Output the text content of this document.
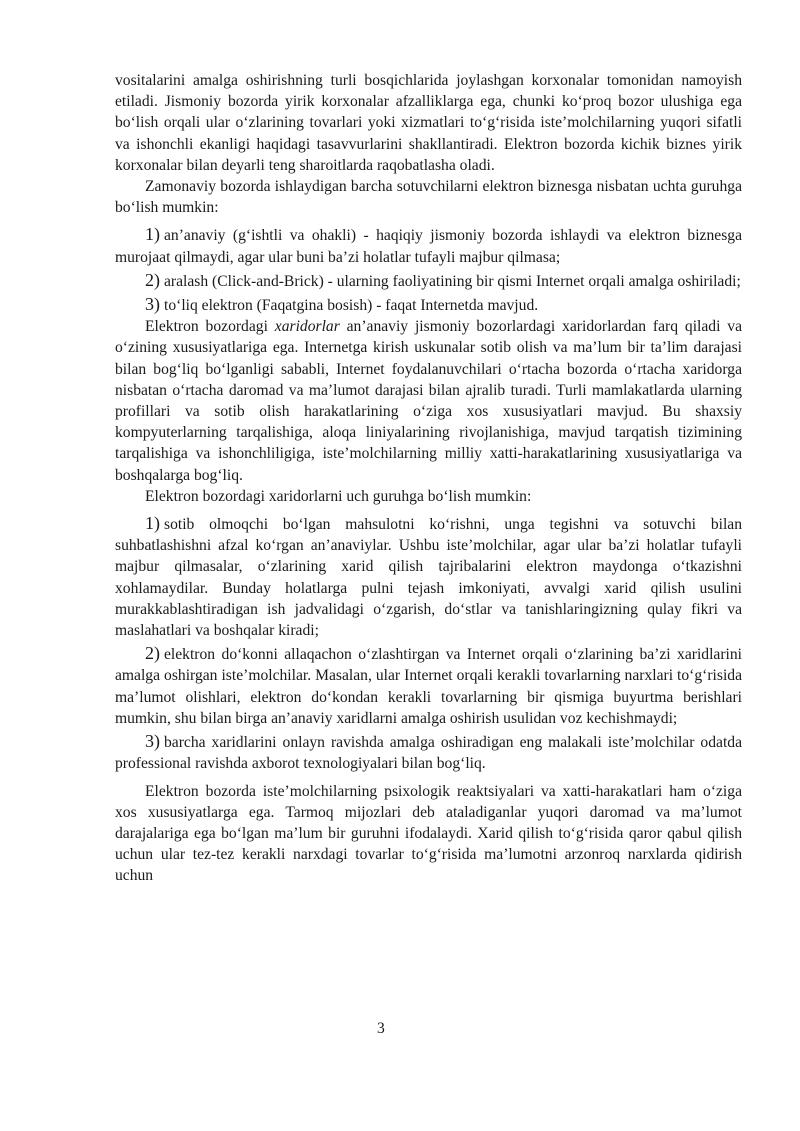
vositalarini amalga oshirishning turli bosqichlarida joylashgan korxonalar tomonidan namoyish etiladi. Jismoniy bozorda yirik korxonalar afzalliklarga ega, chunki ko‘proq bozor ulushiga ega bo‘lish orqali ular o‘zlarining tovarlari yoki xizmatlari to‘g‘risida iste’molchilarning yuqori sifatli va ishonchli ekanligi haqidagi tasavvurlarini shakllantiradi. Elektron bozorda kichik biznes yirik korxonalar bilan deyarli teng sharoitlarda raqobatlasha oladi.

Zamonaviy bozorda ishlaydigan barcha sotuvchilarni elektron biznesga nisbatan uchta guruhga bo‘lish mumkin:

1) an’anaviy (g‘ishtli va ohakli) - haqiqiy jismoniy bozorda ishlaydi va elektron biznesga murojaat qilmaydi, agar ular buni ba’zi holatlar tufayli majbur qilmasa;

2) aralash (Click-and-Brick) - ularning faoliyatining bir qismi Internet orqali amalga oshiriladi;

3) to‘liq elektron (Faqatgina bosish) - faqat Internetda mavjud.

Elektron bozordagi xaridorlar an’anaviy jismoniy bozorlardagi xaridorlardan farq qiladi va o‘zining xususiyatlariga ega. Internetga kirish uskunalar sotib olish va ma’lum bir ta’lim darajasi bilan bog‘liq bo‘lganligi sababli, Internet foydalanuvchilari o‘rtacha bozorda o‘rtacha xaridorga nisbatan o‘rtacha daromad va ma’lumot darajasi bilan ajralib turadi. Turli mamlakatlarda ularning profillari va sotib olish harakatlarining o‘ziga xos xususiyatlari mavjud. Bu shaxsiy kompyuterlarning tarqalishiga, aloqa liniyalarining rivojlanishiga, mavjud tarqatish tizimining tarqalishiga va ishonchliligiga, iste’molchilarning milliy xatti-harakatlarining xususiyatlariga va boshqalarga bog‘liq.

Elektron bozordagi xaridorlarni uch guruhga bo‘lish mumkin:

1) sotib olmoqchi bo‘lgan mahsulotni ko‘rishni, unga tegishni va sotuvchi bilan suhbatlashishni afzal ko‘rgan an’anaviylar. Ushbu iste’molchilar, agar ular ba’zi holatlar tufayli majbur qilmasalar, o‘zlarining xarid qilish tajribalarini elektron maydonga o‘tkazishni xohlamaydilar. Bunday holatlarga pulni tejash imkoniyati, avvalgi xarid qilish usulini murakkablashtiradigan ish jadvalidagi o‘zgarish, do‘stlar va tanishlaringizning qulay fikri va maslahatlari va boshqalar kiradi;

2) elektron do‘konni allaqachon o‘zlashtirgan va Internet orqali o‘zlarining ba’zi xaridlarini amalga oshirgan iste’molchilar. Masalan, ular Internet orqali kerakli tovarlarning narxlari to‘g‘risida ma’lumot olishlari, elektron do‘kondan kerakli tovarlarning bir qismiga buyurtma berishlari mumkin, shu bilan birga an’anaviy xaridlarni amalga oshirish usulidan voz kechishmaydi;

3) barcha xaridlarini onlayn ravishda amalga oshiradigan eng malakali iste’molchilar odatda professional ravishda axborot texnologiyalari bilan bog‘liq.

Elektron bozorda iste’molchilarning psixologik reaktsiyalari va xatti-harakatlari ham o‘ziga xos xususiyatlarga ega. Tarmoq mijozlari deb ataladiganlar yuqori daromad va ma’lumot darajalariga ega bo‘lgan ma’lum bir guruhni ifodalaydi. Xarid qilish to‘g‘risida qaror qabul qilish uchun ular tez-tez kerakli narxdagi tovarlar to‘g‘risida ma’lumotni arzonroq narxlarda qidirish uchun

3
